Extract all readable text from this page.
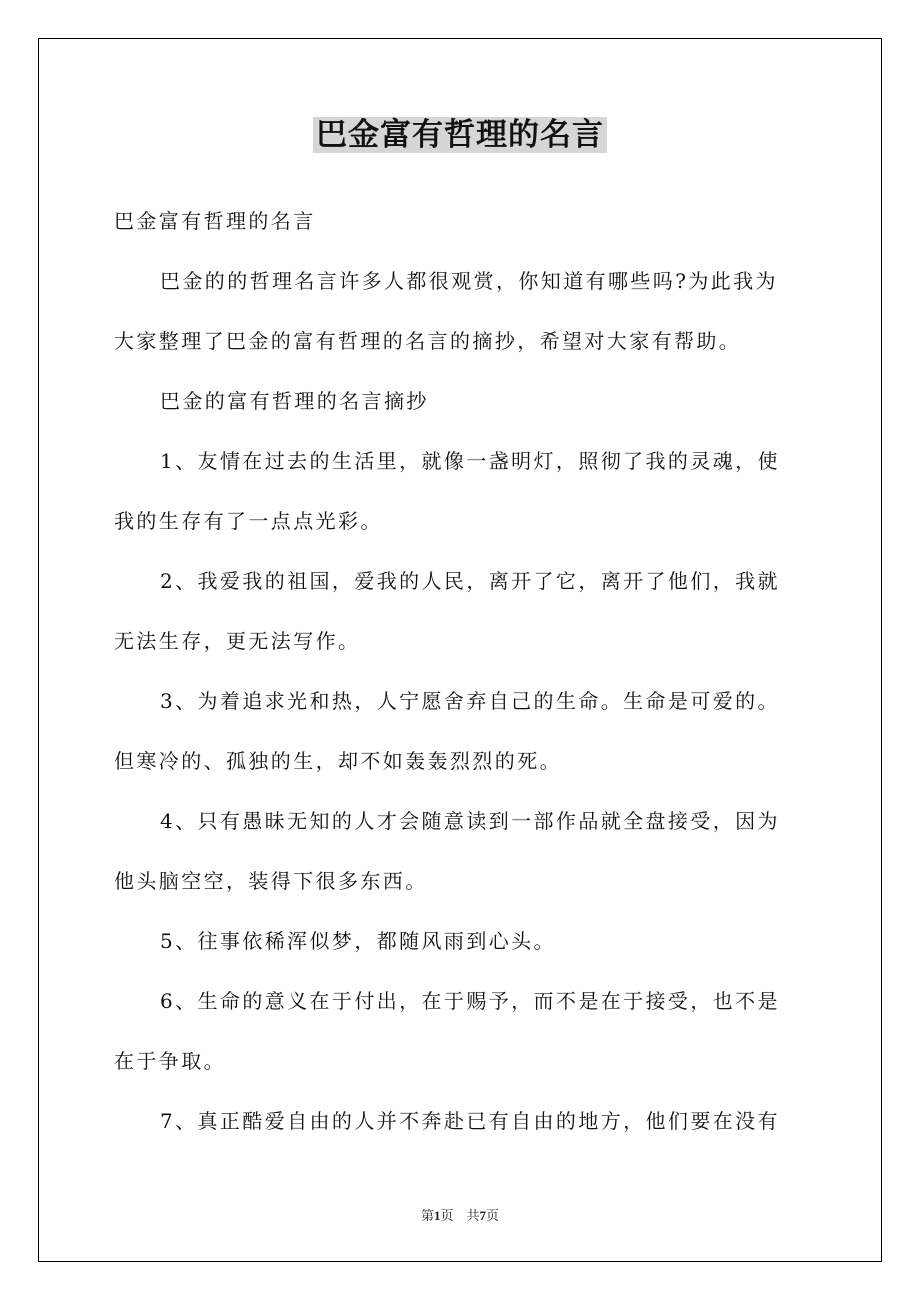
巴金富有哲理的名言

巴金富有哲理的名言

巴金的的哲理名言许多人都很观赏，你知道有哪些吗?为此我为大家整理了巴金的富有哲理的名言的摘抄，希望对大家有帮助。

巴金的富有哲理的名言摘抄

1、友情在过去的生活里，就像一盏明灯，照彻了我的灵魂，使我的生存有了一点点光彩。

2、我爱我的祖国，爱我的人民，离开了它，离开了他们，我就无法生存，更无法写作。

3、为着追求光和热，人宁愿舍弃自己的生命。生命是可爱的。但寒冷的、孤独的生，却不如轰轰烈烈的死。

4、只有愚昧无知的人才会随意读到一部作品就全盘接受，因为他头脑空空，装得下很多东西。

5、往事依稀浑似梦，都随风雨到心头。

6、生命的意义在于付出，在于赐予，而不是在于接受，也不是在于争取。

7、真正酷爱自由的人并不奔赴已有自由的地方，他们要在没有

第1页　共7页
